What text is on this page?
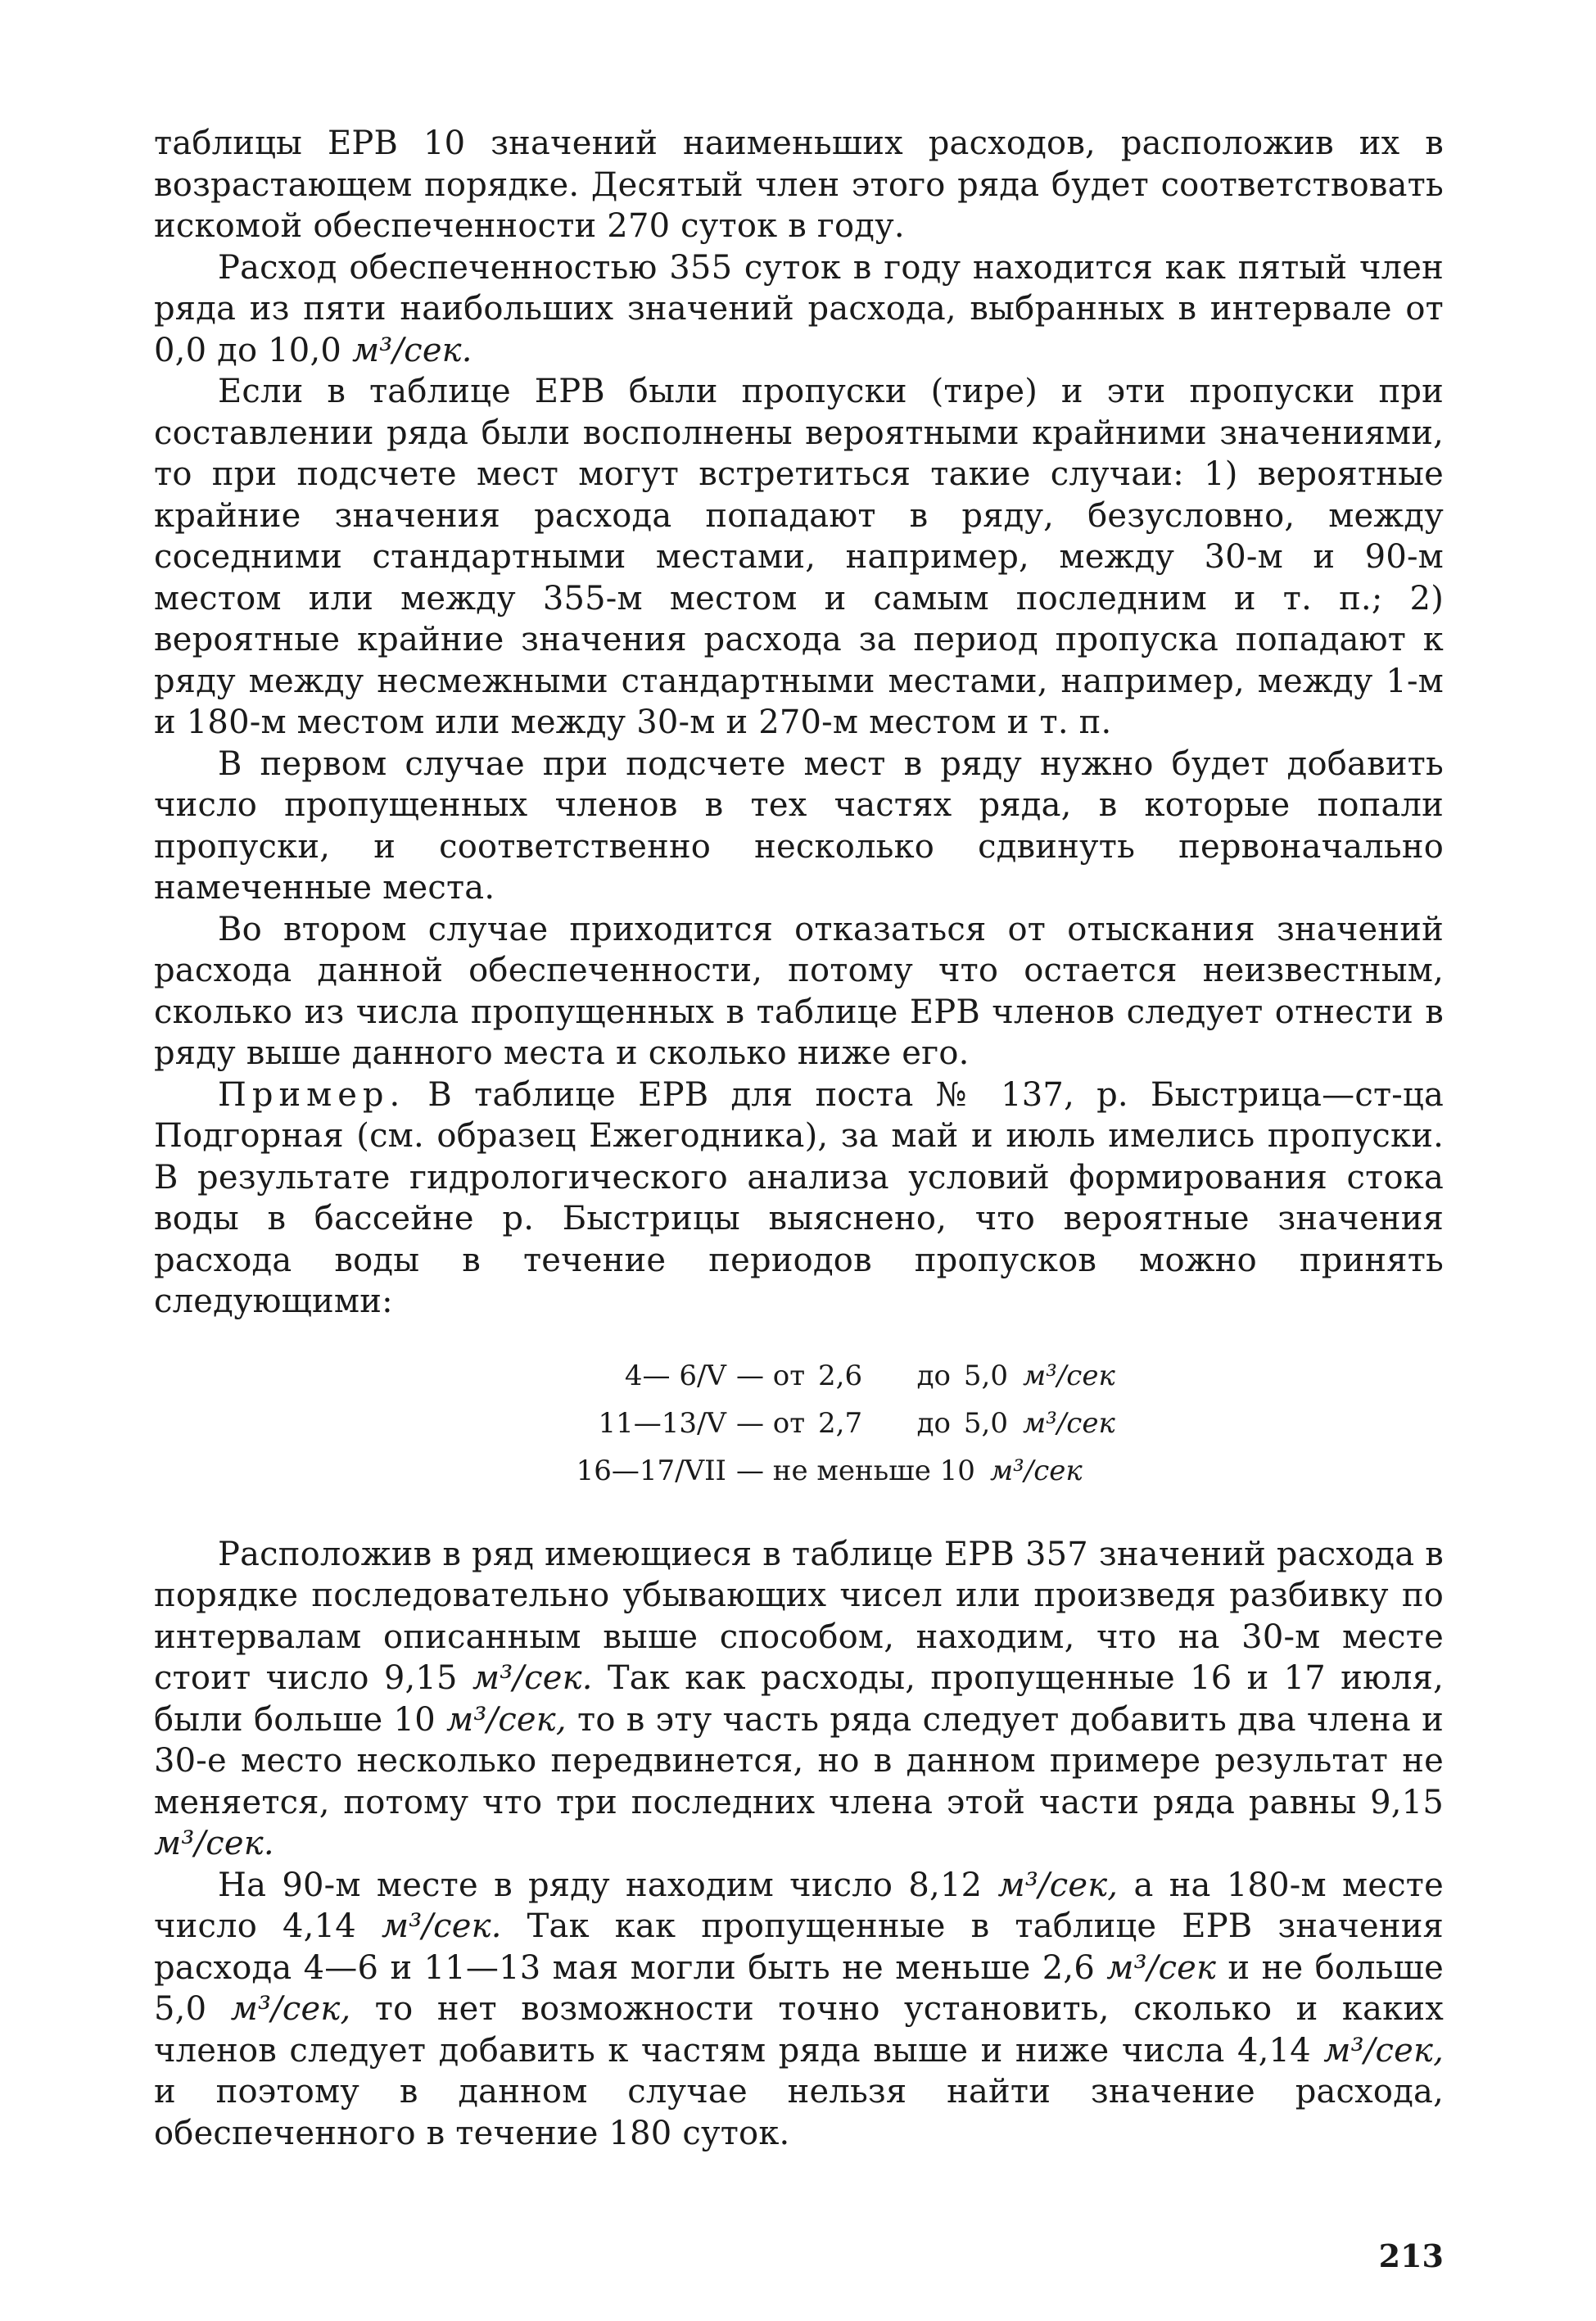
таблицы ЕРВ 10 значений наименьших расходов, расположив их в возрастающем порядке. Десятый член этого ряда будет соответствовать искомой обеспеченности 270 суток в году.

Расход обеспеченностью 355 суток в году находится как пятый член ряда из пяти наибольших значений расхода, выбранных в интервале от 0,0 до 10,0 м³/сек.

Если в таблице ЕРВ были пропуски (тире) и эти пропуски при составлении ряда были восполнены вероятными крайними значениями, то при подсчете мест могут встретиться такие случаи: 1) вероятные крайние значения расхода попадают в ряду, безусловно, между соседними стандартными местами, например, между 30-м и 90-м местом или между 355-м местом и самым последним и т. п.; 2) вероятные крайние значения расхода за период пропуска попадают к ряду между несмежными стандартными местами, например, между 1-м и 180-м местом или между 30-м и 270-м местом и т. п.

В первом случае при подсчете мест в ряду нужно будет добавить число пропущенных членов в тех частях ряда, в которые попали пропуски, и соответственно несколько сдвинуть первоначально намеченные места.

Во втором случае приходится отказаться от отыскания значений расхода данной обеспеченности, потому что остается неизвестным, сколько из числа пропущенных в таблице ЕРВ членов следует отнести в ряду выше данного места и сколько ниже его.

Пример. В таблице ЕРВ для поста № 137, р. Быстрица—ст-ца Подгорная (см. образец Ежегодника), за май и июль имелись пропуски. В результате гидрологического анализа условий формирования стока воды в бассейне р. Быстрицы выяснено, что вероятные значения расхода воды в течение периодов пропусков можно принять следующими:

4— 6/V — от 2,6	до 5,0 м³/сек
11—13/V — от 2,7	до 5,0 м³/сек
16—17/VII — не меньше 10 м³/сек

Расположив в ряд имеющиеся в таблице ЕРВ 357 значений расхода в порядке последовательно убывающих чисел или произведя разбивку по интервалам описанным выше способом, находим, что на 30-м месте стоит число 9,15 м³/сек. Так как расходы, пропущенные 16 и 17 июля, были больше 10 м³/сек, то в эту часть ряда следует добавить два члена и 30-е место несколько передвинется, но в данном примере результат не меняется, потому что три последних члена этой части ряда равны 9,15 м³/сек.

На 90-м месте в ряду находим число 8,12 м³/сек, а на 180-м месте число 4,14 м³/сек. Так как пропущенные в таблице ЕРВ значения расхода 4—6 и 11—13 мая могли быть не меньше 2,6 м³/сек и не больше 5,0 м³/сек, то нет возможности точно установить, сколько и каких членов следует добавить к частям ряда выше и ниже числа 4,14 м³/сек, и поэтому в данном случае нельзя найти значение расхода, обеспеченного в течение 180 суток.

213
